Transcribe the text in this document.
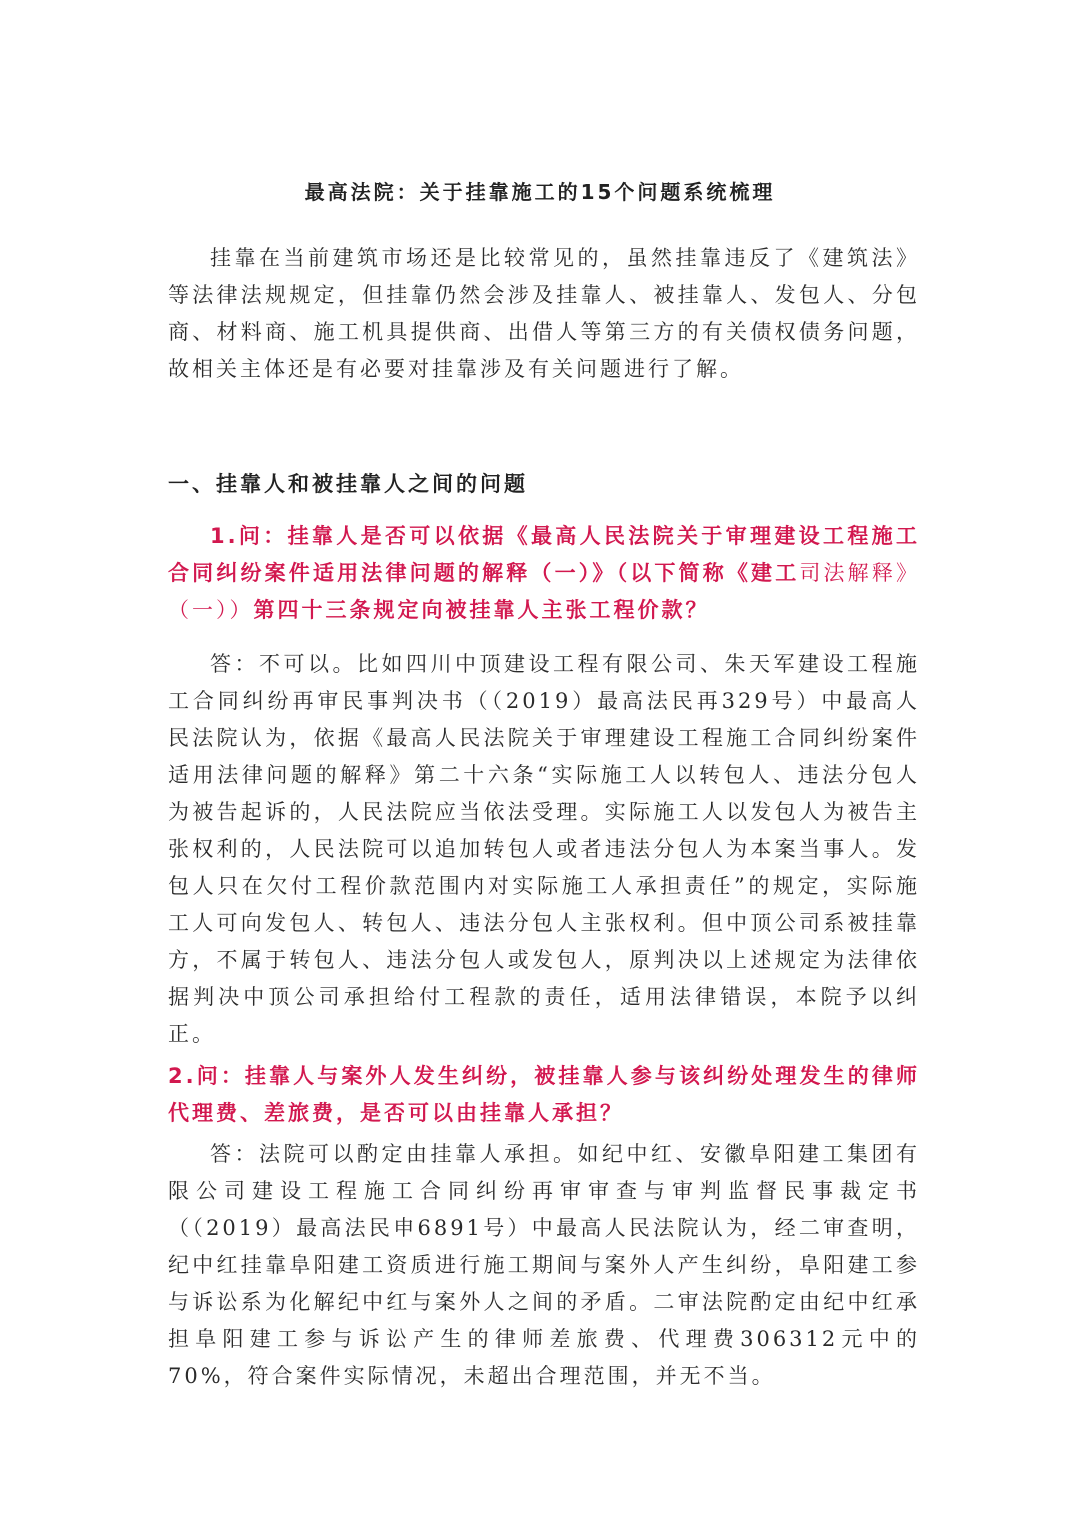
最高法院：关于挂靠施工的15个问题系统梳理
挂靠在当前建筑市场还是比较常见的，虽然挂靠违反了《建筑法》等法律法规规定，但挂靠仍然会涉及挂靠人、被挂靠人、发包人、分包商、材料商、施工机具提供商、出借人等第三方的有关债权债务问题，故相关主体还是有必要对挂靠涉及有关问题进行了解。
一、挂靠人和被挂靠人之间的问题
1.问：挂靠人是否可以依据《最高人民法院关于审理建设工程施工合同纠纷案件适用法律问题的解释（一）》（以下简称《建工司法解释》（一））第四十三条规定向被挂靠人主张工程价款？
答：不可以。比如四川中顶建设工程有限公司、朱天军建设工程施工合同纠纷再审民事判决书（（2019）最高法民再329号）中最高人民法院认为，依据《最高人民法院关于审理建设工程施工合同纠纷案件适用法律问题的解释》第二十六条“实际施工人以转包人、违法分包人为被告起诉的，人民法院应当依法受理。实际施工人以发包人为被告主张权利的，人民法院可以追加转包人或者违法分包人为本案当事人。发包人只在欠付工程价款范围内对实际施工人承担责任”的规定，实际施工人可向发包人、转包人、违法分包人主张权利。但中顶公司系被挂靠方，不属于转包人、违法分包人或发包人，原判决以上述规定为法律依据判决中顶公司承担给付工程款的责任，适用法律错误，本院予以纠正。
2.问：挂靠人与案外人发生纠纷，被挂靠人参与该纠纷处理发生的律师代理费、差旅费，是否可以由挂靠人承担？
答：法院可以酌定由挂靠人承担。如纪中红、安徽阜阳建工集团有限公司建设工程施工合同纠纷再审审查与审判监督民事裁定书（（2019）最高法民申6891号）中最高人民法院认为，经二审查明，纪中红挂靠阜阳建工资质进行施工期间与案外人产生纠纷，阜阳建工参与诉讼系为化解纪中红与案外人之间的矛盾。二审法院酌定由纪中红承担阜阳建工参与诉讼产生的律师差旅费、代理费306312元中的70%，符合案件实际情况，未超出合理范围，并无不当。
